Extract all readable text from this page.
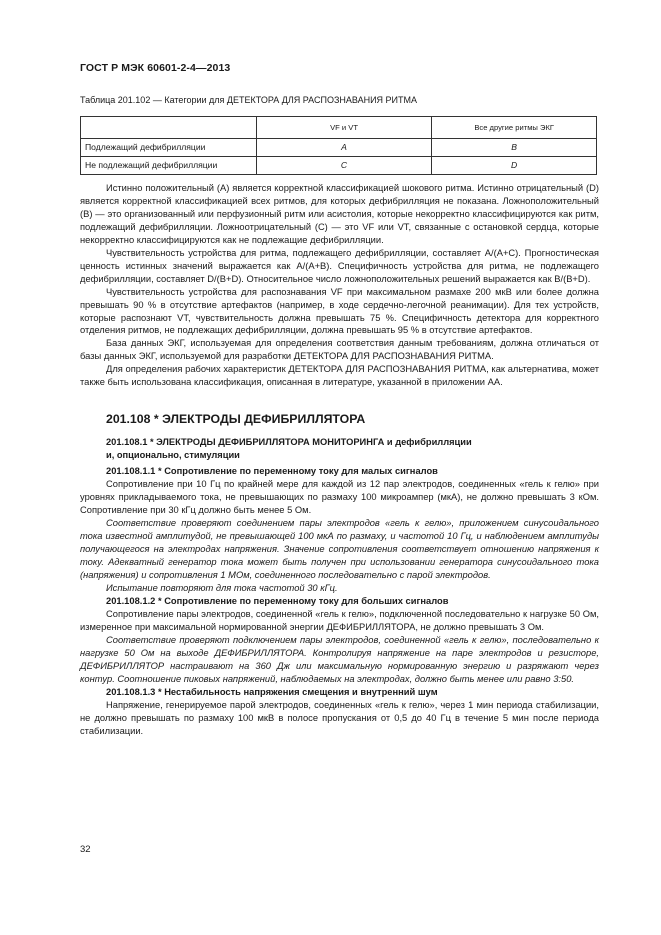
ГОСТ Р МЭК 60601-2-4—2013
Таблица 201.102 — Категории для ДЕТЕКТОРА ДЛЯ РАСПОЗНАВАНИЯ РИТМА
	VF и VT	Все другие ритмы ЭКГ
Подлежащий дефибрилляции	A	B
Не подлежащий дефибрилляции	C	D

Истинно положительный (A) является корректной классификацией шокового ритма. Истинно отрицательный (D) является корректной классификацией всех ритмов, для которых дефибрилляция не показана. Ложноположительный (B) — это организованный или перфузионный ритм или асистолия, которые некорректно классифицируются как ритм, подлежащий дефибрилляции. Ложноотрицательный (C) — это VF или VT, связанные с остановкой сердца, которые некорректно классифицируются как не подлежащие дефибрилляции.

Чувствительность устройства для ритма, подлежащего дефибрилляции, составляет A/(A+C). Прогностическая ценность истинных значений выражается как A/(A+B). Специфичность устройства для ритма, не подлежащего дефибрилляции, составляет D/(B+D). Относительное число ложноположительных решений выражается как B/(B+D).

Чувствительность устройства для распознавания VF при максимальном размахе 200 мкВ или более должна превышать 90 % в отсутствие артефактов (например, в ходе сердечно-легочной реанимации). Для тех устройств, которые распознают VT, чувствительность должна превышать 75 %. Специфичность детектора для корректного отделения ритмов, не подлежащих дефибрилляции, должна превышать 95 % в отсутствие артефактов.

База данных ЭКГ, используемая для определения соответствия данным требованиям, должна отличаться от базы данных ЭКГ, используемой для разработки ДЕТЕКТОРА ДЛЯ РАСПОЗНАВАНИЯ РИТМА.

Для определения рабочих характеристик ДЕТЕКТОРА ДЛЯ РАСПОЗНАВАНИЯ РИТМА, как альтернатива, может также быть использована классификация, описанная в литературе, указанной в приложении AA.

201.108 * ЭЛЕКТРОДЫ ДЕФИБРИЛЛЯТОРА
201.108.1 * ЭЛЕКТРОДЫ ДЕФИБРИЛЛЯТОРА МОНИТОРИНГА и дефибрилляции
и, опционально, стимуляции

201.108.1.1 * Сопротивление по переменному току для малых сигналов

Сопротивление при 10 Гц по крайней мере для каждой из 12 пар электродов, соединенных «гель к гелю» при уровнях прикладываемого тока, не превышающих по размаху 100 микроампер (мкА), не должно превышать 3 кОм. Сопротивление при 30 кГц должно быть менее 5 Ом.

Соответствие проверяют соединением пары электродов «гель к гелю», приложением синусоидального тока известной амплитудой, не превышающей 100 мкА по размаху, и частотой 10 Гц, и наблюдением амплитуды получающегося на электродах напряжения. Значение сопротивления соответствует отношению напряжения к току. Адекватный генератор тока может быть получен при использовании генератора синусоидального тока (напряжения) и сопротивления 1 МОм, соединенного последовательно с парой электродов.

Испытание повторяют для тока частотой 30 кГц.

201.108.1.2 * Сопротивление по переменному току для больших сигналов

Сопротивление пары электродов, соединенной «гель к гелю», подключенной последовательно к нагрузке 50 Ом, измеренное при максимальной нормированной энергии ДЕФИБРИЛЛЯТОРА, не должно превышать 3 Ом.

Соответствие проверяют подключением пары электродов, соединенной «гель к гелю», последовательно к нагрузке 50 Ом на выходе ДЕФИБРИЛЛЯТОРА. Контролируя напряжение на паре электродов и резисторе, ДЕФИБРИЛЛЯТОР настраивают на 360 Дж или максимальную нормированную энергию и разряжают через контур. Соотношение пиковых напряжений, наблюдаемых на электродах, должно быть менее или равно 3:50.

201.108.1.3 * Нестабильность напряжения смещения и внутренний шум

Напряжение, генерируемое парой электродов, соединенных «гель к гелю», через 1 мин периода стабилизации, не должно превышать по размаху 100 мкВ в полосе пропускания от 0,5 до 40 Гц в течение 5 мин после периода стабилизации.

32
